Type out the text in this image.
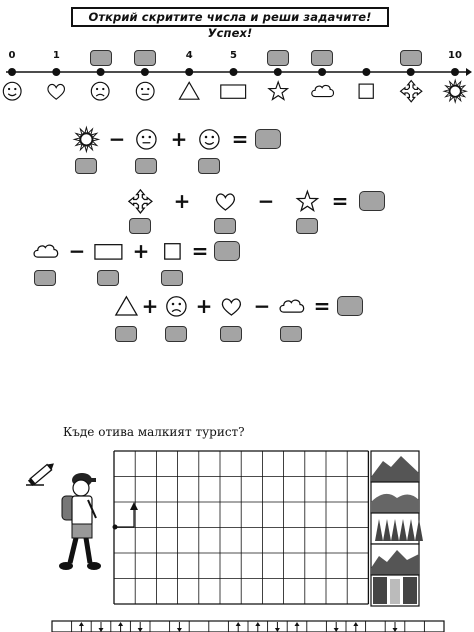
Открий скритите числа и реши задачите! Успех!
0	1	4	5	10
− + =
+	−	=
− + =
+ + − =
Къде отива малкият турист?
